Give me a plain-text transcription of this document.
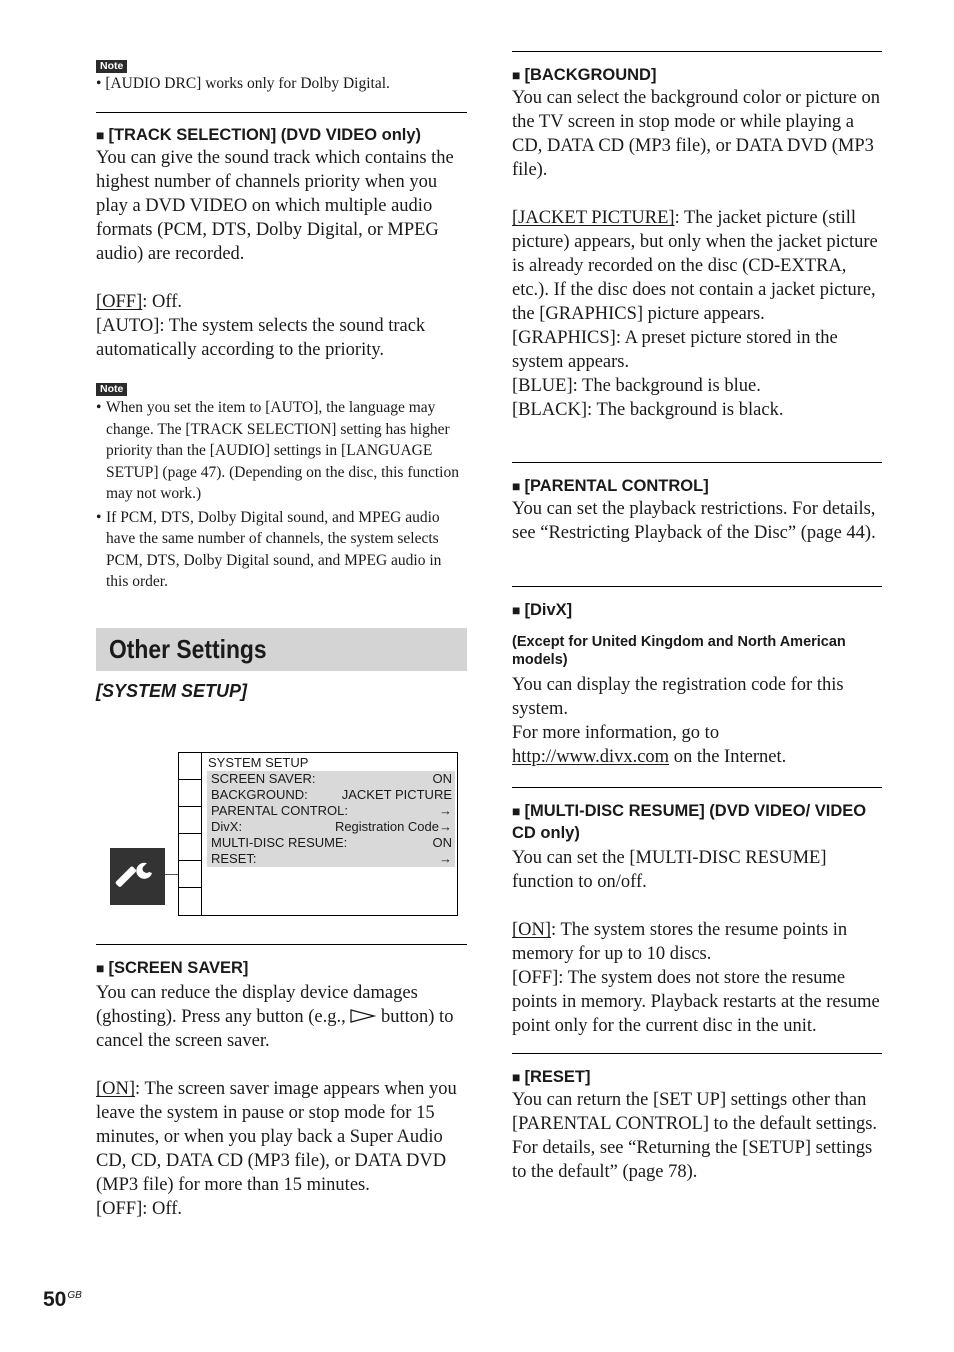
Note
• [AUDIO DRC] works only for Dolby Digital.

■ [TRACK SELECTION] (DVD VIDEO only)

You can give the sound track which contains the highest number of channels priority when you play a DVD VIDEO on which multiple audio formats (PCM, DTS, Dolby Digital, or MPEG audio) are recorded.

[OFF]: Off.

[AUTO]: The system selects the sound track automatically according to the priority.

Note
• When you set the item to [AUTO], the language may change. The [TRACK SELECTION] setting has higher priority than the [AUDIO] settings in [LANGUAGE SETUP] (page 47). (Depending on the disc, this function may not work.)
• If PCM, DTS, Dolby Digital sound, and MPEG audio have the same number of channels, the system selects PCM, DTS, Dolby Digital sound, and MPEG audio in this order.
Other Settings
[SYSTEM SETUP]
SYSTEM SETUP
SCREEN SAVER:	ON
BACKGROUND:	JACKET PICTURE
PARENTAL CONTROL:	→
DivX:	Registration Code→
MULTI-DISC RESUME:	ON
RESET:	→

■ [SCREEN SAVER]

You can reduce the display device damages (ghosting). Press any button (e.g., button) to cancel the screen saver.

[ON]: The screen saver image appears when you leave the system in pause or stop mode for 15 minutes, or when you play back a Super Audio CD, CD, DATA CD (MP3 file), or DATA DVD (MP3 file) for more than 15 minutes.

[OFF]: Off.

■ [BACKGROUND]

You can select the background color or picture on the TV screen in stop mode or while playing a CD, DATA CD (MP3 file), or DATA DVD (MP3 file).

[JACKET PICTURE]: The jacket picture (still picture) appears, but only when the jacket picture is already recorded on the disc (CD-EXTRA, etc.). If the disc does not contain a jacket picture, the [GRAPHICS] picture appears.

[GRAPHICS]: A preset picture stored in the system appears.

[BLUE]: The background is blue.

[BLACK]: The background is black.

■ [PARENTAL CONTROL]

You can set the playback restrictions. For details, see “Restricting Playback of the Disc” (page 44).

■ [DivX]

(Except for United Kingdom and North American models)

You can display the registration code for this system.

For more information, go to

http://www.divx.com on the Internet.

■ [MULTI-DISC RESUME] (DVD VIDEO/ VIDEO CD only)

You can set the [MULTI-DISC RESUME] function to on/off.

[ON]: The system stores the resume points in memory for up to 10 discs.

[OFF]: The system does not store the resume points in memory. Playback restarts at the resume point only for the current disc in the unit.

■ [RESET]

You can return the [SET UP] settings other than [PARENTAL CONTROL] to the default settings. For details, see “Returning the [SETUP] settings to the default” (page 78).

$50^{GB}$
